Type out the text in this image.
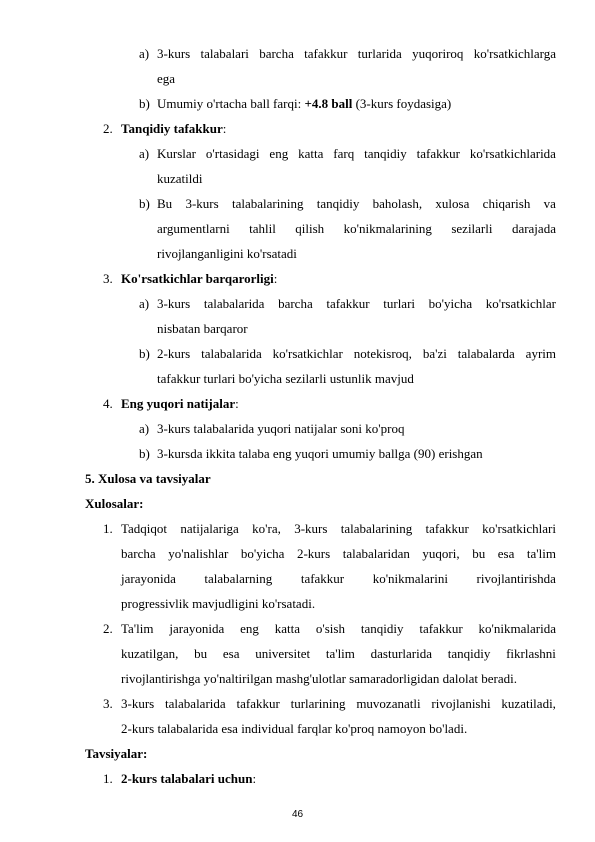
a) 3-kurs talabalari barcha tafakkur turlarida yuqoriroq ko'rsatkichlarga
ega
b) Umumiy o'rtacha ball farqi: +4.8 ball (3-kurs foydasiga)
2. Tanqidiy tafakkur:
a) Kurslar o'rtasidagi eng katta farq tanqidiy tafakkur ko'rsatkichlarida
kuzatildi
b) Bu 3-kurs talabalarining tanqidiy baholash, xulosa chiqarish va
argumentlarni tahlil qilish ko'nikmalarining sezilarli darajada
rivojlanganligini ko'rsatadi
3. Ko'rsatkichlar barqarorligi:
a) 3-kurs talabalarida barcha tafakkur turlari bo'yicha ko'rsatkichlar
nisbatan barqaror
b) 2-kurs talabalarida ko'rsatkichlar notekisroq, ba'zi talabalarda ayrim
tafakkur turlari bo'yicha sezilarli ustunlik mavjud
4. Eng yuqori natijalar:
a) 3-kurs talabalarida yuqori natijalar soni ko'proq
b) 3-kursda ikkita talaba eng yuqori umumiy ballga (90) erishgan
5. Xulosa va tavsiyalar
Xulosalar:
1. Tadqiqot natijalariga ko'ra, 3-kurs talabalarining tafakkur ko'rsatkichlari
barcha yo'nalishlar bo'yicha 2-kurs talabalaridan yuqori, bu esa ta'lim
jarayonida talabalarning tafakkur ko'nikmalarini rivojlantirishda
progressivlik mavjudligini ko'rsatadi.
2. Ta'lim jarayonida eng katta o'sish tanqidiy tafakkur ko'nikmalarida
kuzatilgan, bu esa universitet ta'lim dasturlarida tanqidiy fikrlashni
rivojlantirishga yo'naltirilgan mashg'ulotlar samaradorligidan dalolat beradi.
3. 3-kurs talabalarida tafakkur turlarining muvozanatli rivojlanishi kuzatiladi,
2-kurs talabalarida esa individual farqlar ko'proq namoyon bo'ladi.
Tavsiyalar:
1. 2-kurs talabalari uchun:
46
